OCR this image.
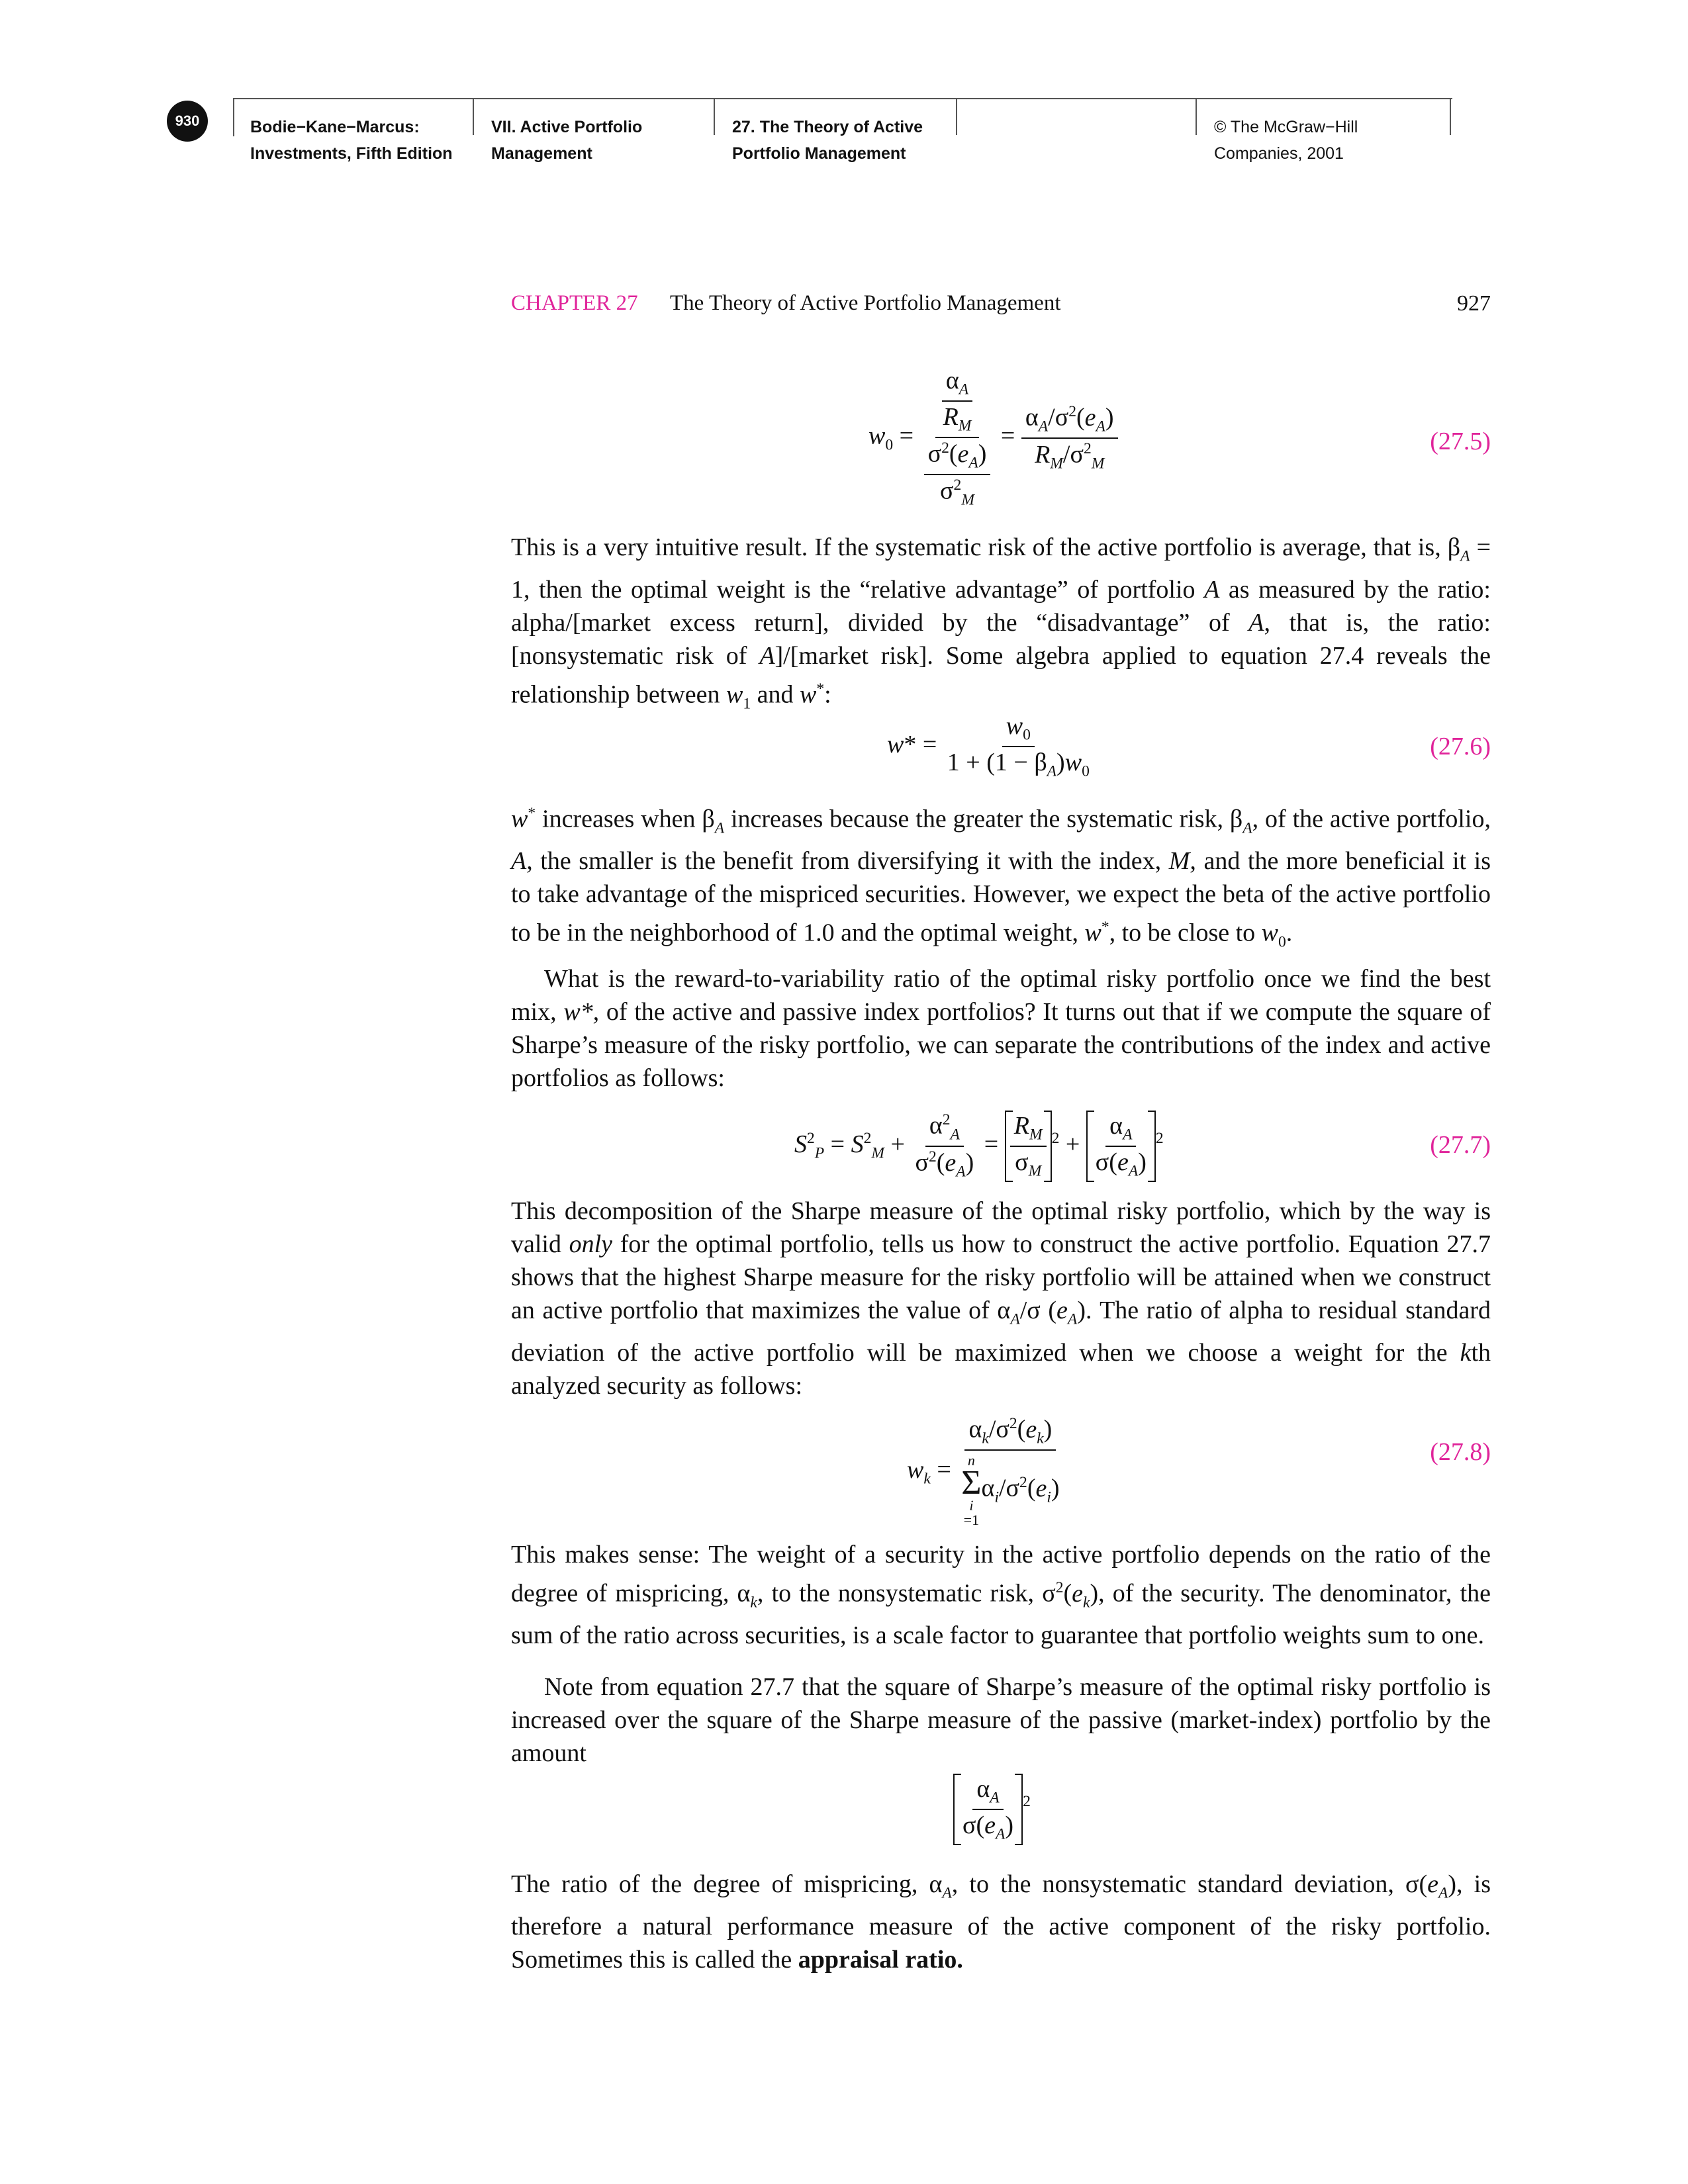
930	Bodie−Kane−Marcus:
Investments, Fifth Edition
VII. Active Portfolio
Management
27. The Theory of Active
Portfolio Management
© The McGraw−Hill
Companies, 2001
CHAPTER 27 The Theory of Active Portfolio Management	927
$w_0 = \frac{\frac{\alpha_A}{R_M}}{\frac{\sigma^2(e_A)}{\sigma^2_M}} = \frac{\alpha_A/\sigma^2(e_A)}{R_M/\sigma^2_M}$	(27.5)
This is a very intuitive result. If the systematic risk of the active portfolio is average, that is, $\beta_A = 1$, then the optimal weight is the “relative advantage” of portfolio A as measured by the ratio: alpha/[market excess return], divided by the “disadvantage” of A, that is, the ratio: [nonsystematic risk of A]/[market risk]. Some algebra applied to equation 27.4 reveals the relationship between $w_1$ and w*:
$w* = \frac{w_0}{1 + (1 - \beta_A)w_0}$	(27.6)
w* increases when $\beta_A$ increases because the greater the systematic risk, $\beta_A$, of the active portfolio, A, the smaller is the benefit from diversifying it with the index, M, and the more beneficial it is to take advantage of the mispriced securities. However, we expect the beta of the active portfolio to be in the neighborhood of 1.0 and the optimal weight, w*, to be close to $w_0$.
What is the reward-to-variability ratio of the optimal risky portfolio once we find the best mix, w*, of the active and passive index portfolios? It turns out that if we compute the square of Sharpe’s measure of the risky portfolio, we can separate the contributions of the index and active portfolios as follows:
$S^2_P = S^2_M + \frac{\alpha^2_A}{\sigma^2(e_A)} = \frac{R_M}{\sigma_M} ^2 + \frac{\alpha_A}{\sigma(e_A)} ^2$	(27.7)
This decomposition of the Sharpe measure of the optimal risky portfolio, which by the way is valid only for the optimal portfolio, tells us how to construct the active portfolio. Equation 27.7 shows that the highest Sharpe measure for the risky portfolio will be attained when we construct an active portfolio that maximizes the value of $\alpha_A/\sigma$ $(e_A)$. The ratio of alpha to residual standard deviation of the active portfolio will be maximized when we choose a weight for the kth analyzed security as follows:
$w_k = \alpha_k/\sigma^2(e_k)$
n
Σ
i
$=1\alpha_i/\sigma^2(e_i)$	(27.8)
This makes sense: The weight of a security in the active portfolio depends on the ratio of the degree of mispricing, $\alpha_k$, to the nonsystematic risk, $\sigma^2(e_k)$, of the security. The denominator, the sum of the ratio across securities, is a scale factor to guarantee that portfolio weights sum to one.
Note from equation 27.7 that the square of Sharpe’s measure of the optimal risky portfolio is increased over the square of the Sharpe measure of the passive (market-index) portfolio by the amount
$\frac{\alpha_A}{\sigma(e_A)} ^2$
The ratio of the degree of mispricing, $\alpha_A$, to the nonsystematic standard deviation, $\sigma(e_A)$, is therefore a natural performance measure of the active component of the risky portfolio. Sometimes this is called the appraisal ratio.
